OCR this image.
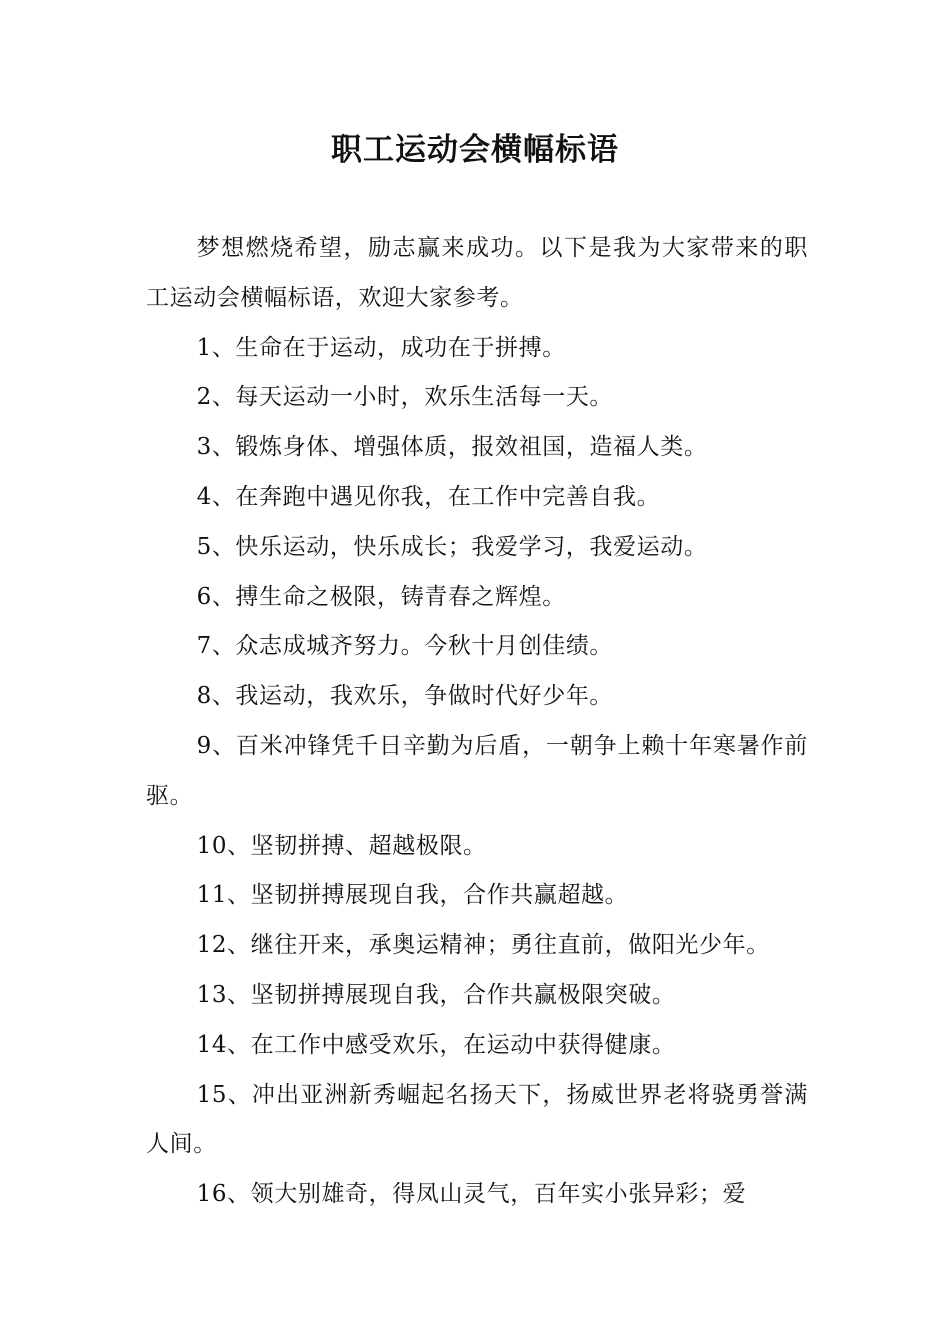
职工运动会横幅标语

梦想燃烧希望，励志赢来成功。以下是我为大家带来的职工运动会横幅标语，欢迎大家参考。

1、生命在于运动，成功在于拼搏。

2、每天运动一小时，欢乐生活每一天。

3、锻炼身体、增强体质，报效祖国，造福人类。

4、在奔跑中遇见你我，在工作中完善自我。

5、快乐运动，快乐成长；我爱学习，我爱运动。

6、搏生命之极限，铸青春之辉煌。

7、众志成城齐努力。今秋十月创佳绩。

8、我运动，我欢乐，争做时代好少年。

9、百米冲锋凭千日辛勤为后盾，一朝争上赖十年寒暑作前驱。

10、坚韧拼搏、超越极限。

11、坚韧拼搏展现自我，合作共赢超越。

12、继往开来，承奥运精神；勇往直前，做阳光少年。

13、坚韧拼搏展现自我，合作共赢极限突破。

14、在工作中感受欢乐，在运动中获得健康。

15、冲出亚洲新秀崛起名扬天下，扬威世界老将骁勇誉满人间。

16、领大别雄奇，得凤山灵气，百年实小张异彩；爱
